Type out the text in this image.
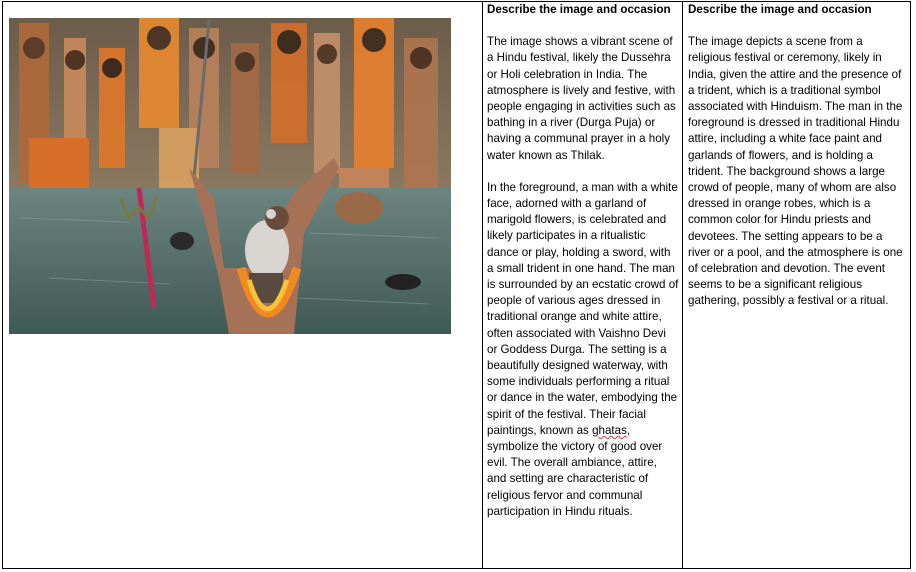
Describe the image and occasion

The image shows a vibrant scene of a Hindu festival, likely the Dussehra or Holi celebration in India. The atmosphere is lively and festive, with people engaging in activities such as bathing in a river (Durga Puja) or having a communal prayer in a holy water known as Thilak.

In the foreground, a man with a white face, adorned with a garland of marigold flowers, is celebrated and likely participates in a ritualistic dance or play, holding a sword, with a small trident in one hand. The man is surrounded by an ecstatic crowd of people of various ages dressed in traditional orange and white attire, often associated with Vaishno Devi or Goddess Durga. The setting is a beautifully designed waterway, with some individuals performing a ritual or dance in the water, embodying the spirit of the festival. Their facial paintings, known as ghatas, symbolize the victory of good over evil. The overall ambiance, attire, and setting are characteristic of religious fervor and communal participation in Hindu rituals.

Describe the image and occasion

The image depicts a scene from a religious festival or ceremony, likely in India, given the attire and the presence of a trident, which is a traditional symbol associated with Hinduism. The man in the foreground is dressed in traditional Hindu attire, including a white face paint and garlands of flowers, and is holding a trident. The background shows a large crowd of people, many of whom are also dressed in orange robes, which is a common color for Hindu priests and devotees. The setting appears to be a river or a pool, and the atmosphere is one of celebration and devotion. The event seems to be a significant religious gathering, possibly a festival or a ritual.
